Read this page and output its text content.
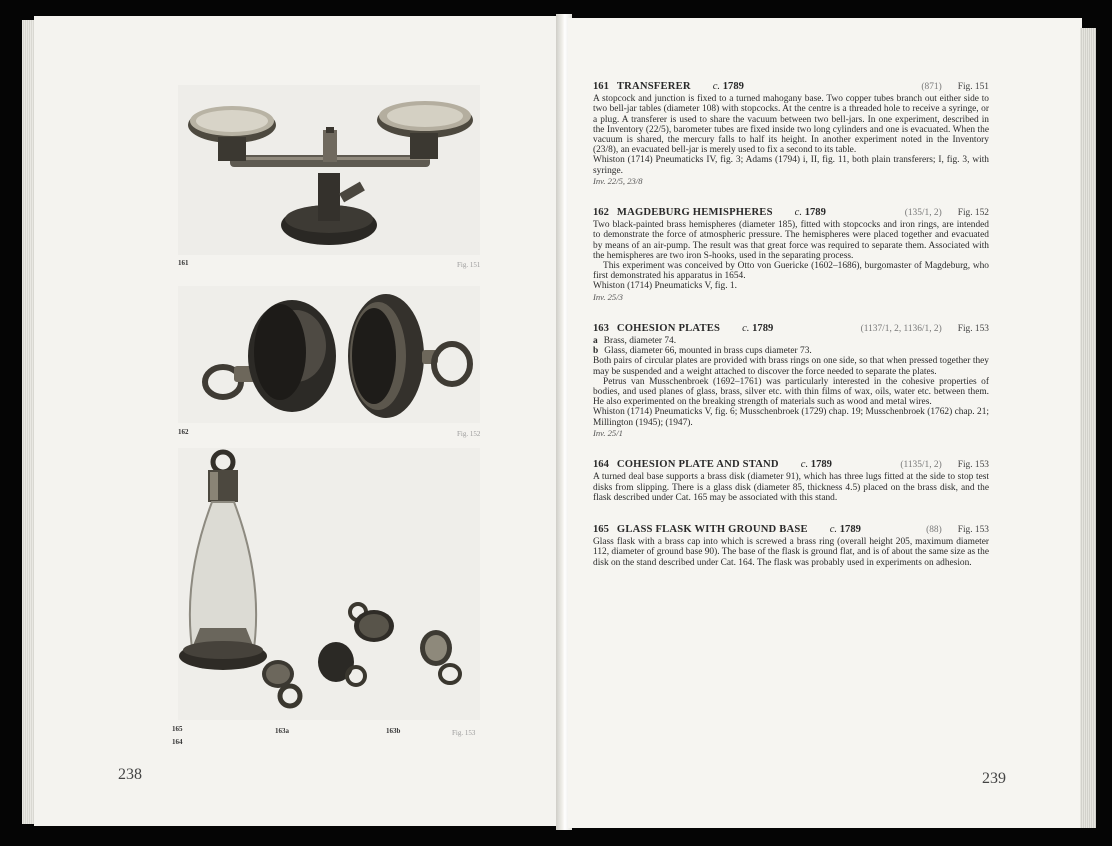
161	Fig. 151
162	Fig. 152
165
164
163a	163b	Fig. 153
238
161 TRANSFERER c.
1789	(871) Fig. 151

A stopcock and junction is fixed to a turned mahogany base. Two copper tubes branch out either side to two bell-jar tables (diameter 108) with stopcocks. At the centre is a threaded hole to receive a syringe, or a plug. A transferer is used to share the vacuum between two bell-jars. In one experiment, described in the Inventory (22/5), barometer tubes are fixed inside two long cylinders and one is evacuated. When the vacuum is shared, the mercury falls to half its height. In another experiment noted in the Inventory (23/8), an evacuated bell-jar is merely used to fix a second to its table.

Whiston (1714) Pneumaticks IV, fig. 3; Adams (1794) i, II, fig. 11, both plain transferers; I, fig. 3, with syringe.

Inv. 22/5, 23/8
162 MAGDEBURG HEMISPHERES c.
1789	(135/1, 2) Fig. 152

Two black-painted brass hemispheres (diameter 185), fitted with stopcocks and iron rings, are intended to demonstrate the force of atmospheric pressure. The hemispheres were placed together and evacuated by means of an air-pump. The result was that great force was required to separate them. Associated with the hemispheres are two iron S-hooks, used in the separating process.

This experiment was conceived by Otto von Guericke (1602–1686), burgomaster of Magdeburg, who first demonstrated his apparatus in 1654.

Whiston (1714) Pneumaticks V, fig. 1.

Inv. 25/3
163 COHESION PLATES c.
1789	(1137/1, 2, 1136/1, 2) Fig. 153

a Brass, diameter 74.

b Glass, diameter 66, mounted in brass cups diameter 73.

Both pairs of circular plates are provided with brass rings on one side, so that when pressed together they may be suspended and a weight attached to discover the force needed to separate the plates.

Petrus van Musschenbroek (1692–1761) was particularly interested in the cohesive properties of bodies, and used planes of glass, brass, silver etc. with thin films of wax, oils, water etc. between them. He also experimented on the breaking strength of materials such as wood and metal wires.

Whiston (1714) Pneumaticks V, fig. 6; Musschenbroek (1729) chap. 19; Musschenbroek (1762) chap. 21; Millington (1945); (1947).

Inv. 25/1
164 COHESION PLATE AND STAND c.
1789	(1135/1, 2) Fig. 153

A turned deal base supports a brass disk (diameter 91), which has three lugs fitted at the side to stop test disks from slipping. There is a glass disk (diameter 85, thickness 4.5) placed on the brass disk, and the flask described under Cat. 165 may be associated with this stand.

165 GLASS FLASK WITH GROUND BASE c.
1789	(88) Fig. 153

Glass flask with a brass cap into which is screwed a brass ring (overall height 205, maximum diameter 112, diameter of ground base 90). The base of the flask is ground flat, and is of about the same size as the disk on the stand described under Cat. 164. The flask was probably used in experiments on adhesion.

239
